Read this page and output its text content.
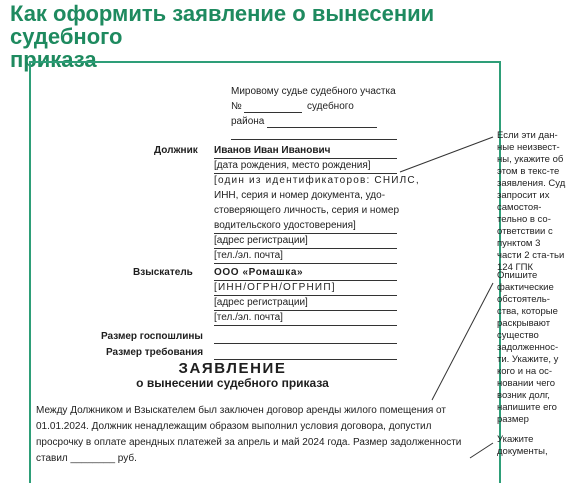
Как оформить заявление о вынесении судебного
приказа
Мировому судье судебного участка
№	судебного
района
Должник Иванов Иван Иванович
[дата рождения, место рождения]
[один из идентификаторов: СНИЛС,
ИНН, серия и номер документа, удо-
стоверяющего личность, серия и номер
водительского удостоверения]
[адрес регистрации]
[тел./эл. почта]
Взыскатель ООО «Ромашка»
[ИНН/ОГРН/ОГРНИП]
[адрес регистрации]
[тел./эл. почта]
Размер госпошлины
Размер требования
ЗАЯВЛЕНИЕ
о вынесении судебного приказа
Между Должником и Взыскателем был заключен договор аренды жилого помещения от 01.01.2024. Должник ненадлежащим образом выполнил условия договора, допустил просрочку в оплате арендных платежей за апрель и май 2024 года. Размер задолженности ставил ________ руб.
Если эти дан-ные неизвест-ны, укажите об этом в текс-те заявления. Суд запросит их самостоя-тельно в со-ответствии с пунктом 3 части 2 ста-тьи 124 ГПК
Опишите фактические обстоятель-ства, которые раскрывают существо задолженнос-ти. Укажите, у кого и на ос-новании чего возник долг, напишите его размер
Укажите документы,
